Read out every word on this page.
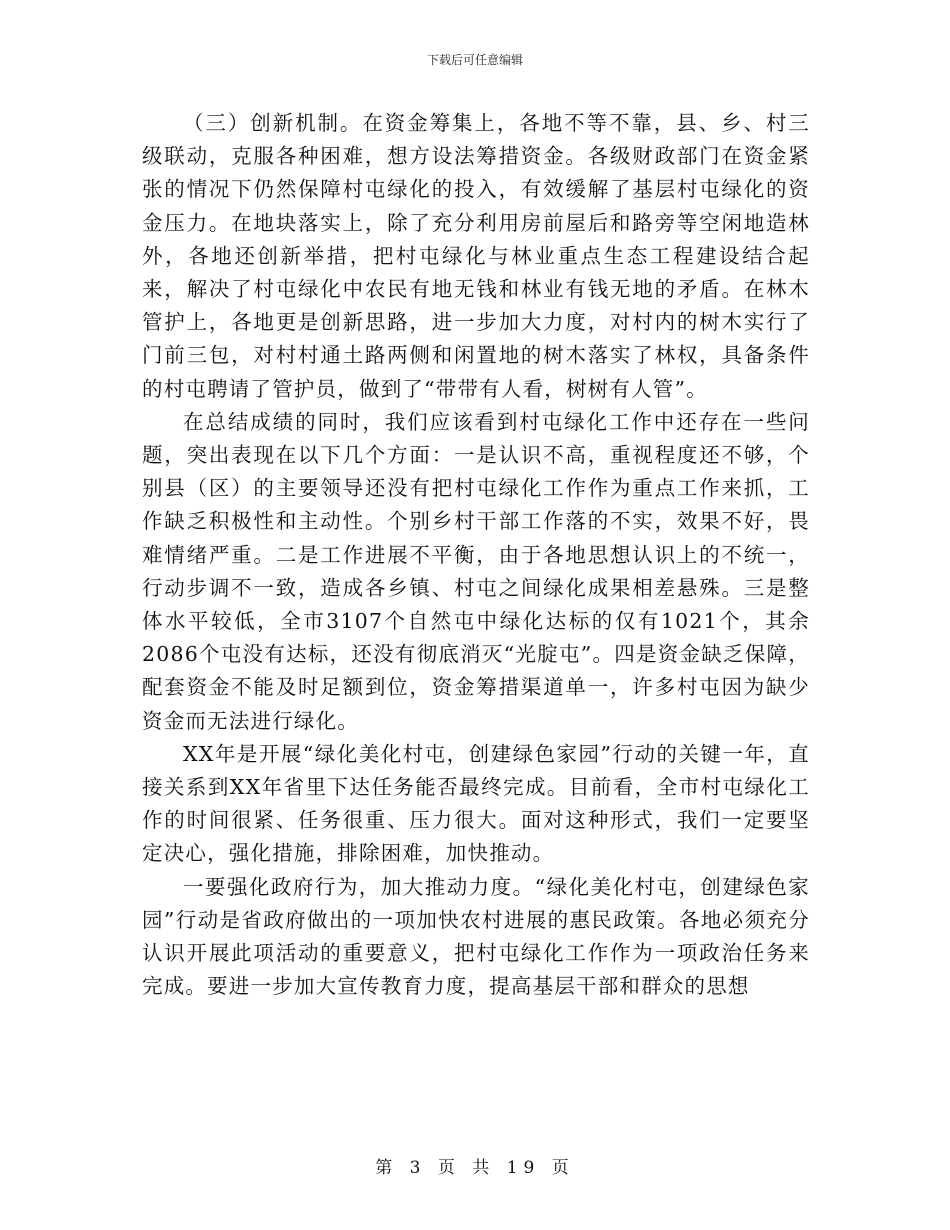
下载后可任意编辑

（三）创新机制。在资金筹集上，各地不等不靠，县、乡、村三级联动，克服各种困难，想方设法筹措资金。各级财政部门在资金紧张的情况下仍然保障村屯绿化的投入，有效缓解了基层村屯绿化的资金压力。在地块落实上，除了充分利用房前屋后和路旁等空闲地造林外，各地还创新举措，把村屯绿化与林业重点生态工程建设结合起来，解决了村屯绿化中农民有地无钱和林业有钱无地的矛盾。在林木管护上，各地更是创新思路，进一步加大力度，对村内的树木实行了门前三包，对村村通土路两侧和闲置地的树木落实了林权，具备条件的村屯聘请了管护员，做到了“带带有人看，树树有人管”。

在总结成绩的同时，我们应该看到村屯绿化工作中还存在一些问题，突出表现在以下几个方面：一是认识不高，重视程度还不够，个别县（区）的主要领导还没有把村屯绿化工作作为重点工作来抓，工作缺乏积极性和主动性。个别乡村干部工作落的不实，效果不好，畏难情绪严重。二是工作进展不平衡，由于各地思想认识上的不统一，行动步调不一致，造成各乡镇、村屯之间绿化成果相差悬殊。三是整体水平较低，全市3107个自然屯中绿化达标的仅有1021个，其余2086个屯没有达标，还没有彻底消灭“光腚屯”。四是资金缺乏保障，配套资金不能及时足额到位，资金筹措渠道单一，许多村屯因为缺少资金而无法进行绿化。

XX年是开展“绿化美化村屯，创建绿色家园”行动的关键一年，直接关系到XX年省里下达任务能否最终完成。目前看，全市村屯绿化工作的时间很紧、任务很重、压力很大。面对这种形式，我们一定要坚定决心，强化措施，排除困难，加快推动。

一要强化政府行为，加大推动力度。“绿化美化村屯，创建绿色家园”行动是省政府做出的一项加快农村进展的惠民政策。各地必须充分认识开展此项活动的重要意义，把村屯绿化工作作为一项政治任务来完成。要进一步加大宣传教育力度，提高基层干部和群众的思想

第 3 页 共 19 页
